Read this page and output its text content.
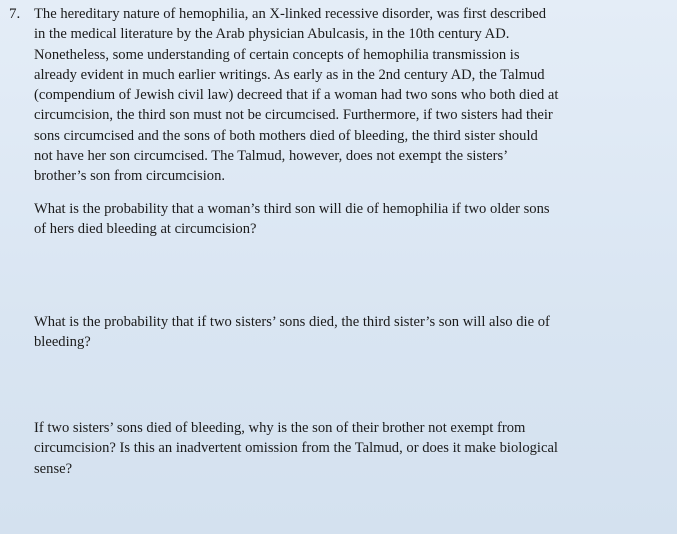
7. The hereditary nature of hemophilia, an X-linked recessive disorder, was first described
in the medical literature by the Arab physician Abulcasis, in the 10th century AD.
Nonetheless, some understanding of certain concepts of hemophilia transmission is
already evident in much earlier writings. As early as in the 2nd century AD, the Talmud
(compendium of Jewish civil law) decreed that if a woman had two sons who both died at
circumcision, the third son must not be circumcised. Furthermore, if two sisters had their
sons circumcised and the sons of both mothers died of bleeding, the third sister should
not have her son circumcised. The Talmud, however, does not exempt the sisters’
brother’s son from circumcision.
What is the probability that a woman’s third son will die of hemophilia if two older sons
of hers died bleeding at circumcision?
What is the probability that if two sisters’ sons died, the third sister’s son will also die of
bleeding?
If two sisters’ sons died of bleeding, why is the son of their brother not exempt from
circumcision? Is this an inadvertent omission from the Talmud, or does it make biological
sense?
